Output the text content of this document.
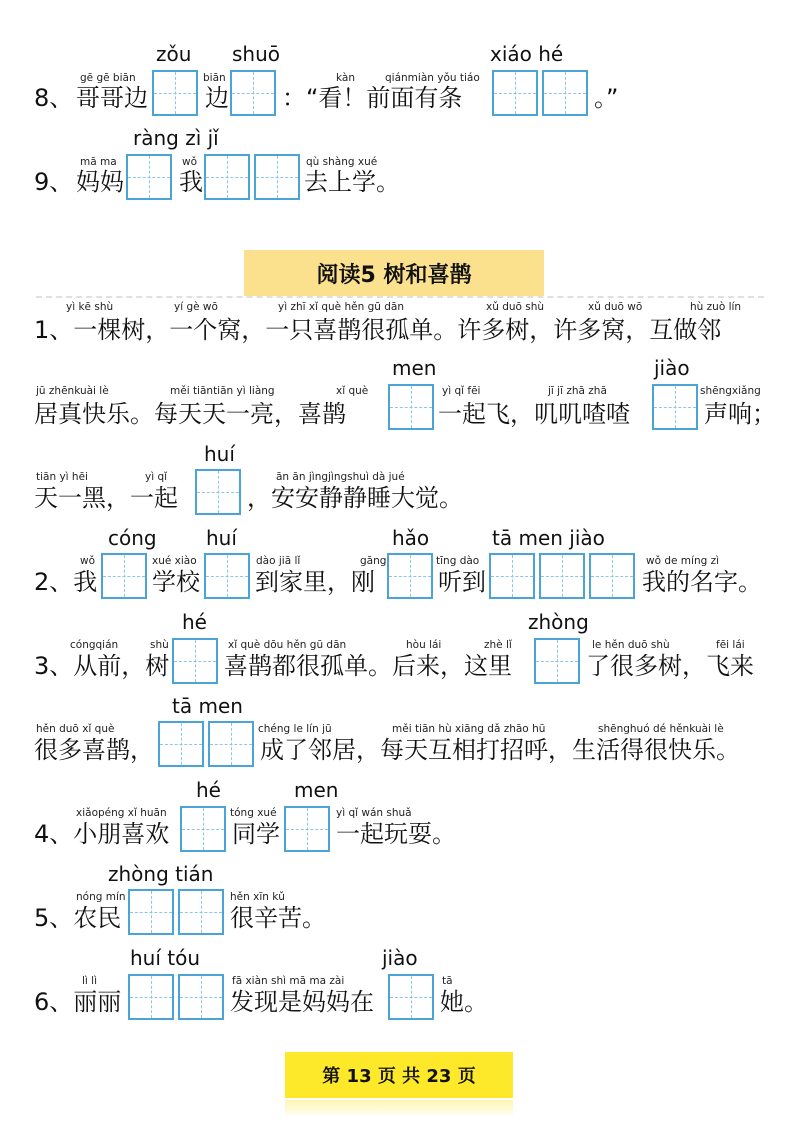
zǒu shuō	xiáo hé
gē gē biān	biān	kàn	qiánmiàn yǒu tiáo
8、 哥哥边 边 ：“看！前面有条	。”
ràng zì jǐ
mā ma	wǒ	qù shàng xué
9、 妈妈 我	去上学。
阅读5 树和喜鹊
yì kē shù	yí gè wō	yì zhī xǐ què hěn gū dān	xǔ duō shù	xǔ duō wō	hù zuò lín
1、一棵树，一个窝，一只喜鹊很孤单。许多树，许多窝，互做邻
men	jiào
jū zhēnkuài lè	měi tiāntiān yì liàng	xǐ què	yì qǐ fēi	jī jī zhā zhā	shēngxiǎng
居真快乐。每天天一亮，喜鹊	一起飞，叽叽喳喳	声响；
huí
tiān yì hēi	yì qǐ	ān ān jìngjìngshuì dà jué
天一黑，一起	，安安静静睡大觉。
cóng huí	hǎo	tā men jiào
wǒ	xué xiào	dào jiā lǐ	gāng	tīng dào	wǒ de míng zì
2、我 学校 到家里，刚	听到	我的名字。
hé	zhòng
cóngqián	shù	xǐ què dōu hěn gū dān	hòu lái	zhè lǐ	le hěn duō shù	fēi lái
3、从前，树 喜鹊都很孤单。后来，这里	了很多树，飞来
tā men
hěn duō xǐ què	chéng le lín jū	měi tiān hù xiāng dǎ zhāo hū	shēnghuó dé hěnkuài lè
很多喜鹊，	成了邻居，每天互相打招呼，生活得很快乐。
hé	men
xiǎopéng xǐ huān	tóng xué	yì qǐ wán shuǎ
4、小朋喜欢	同学 一起玩耍。
zhòng tián
nóng mín	hěn xīn kǔ
5、农民	很辛苦。
huí tóu	jiào
lì lì	fā xiàn shì mā ma zài	tā
6、丽丽	发现是妈妈在	她。
第 13 页 共 23 页
